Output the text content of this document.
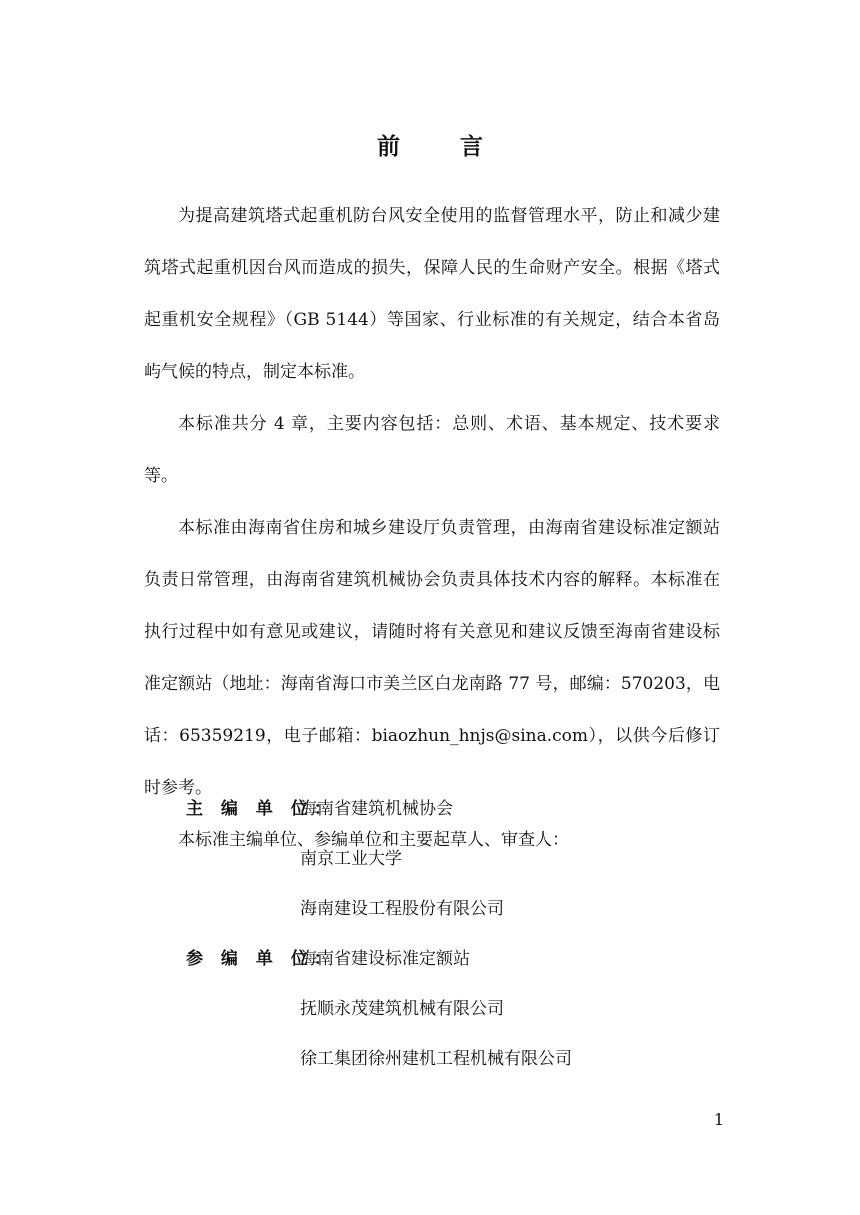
前 言

为提高建筑塔式起重机防台风安全使用的监督管理水平，防止和减少建筑塔式起重机因台风而造成的损失，保障人民的生命财产安全。根据《塔式起重机安全规程》（GB 5144）等国家、行业标准的有关规定，结合本省岛屿气候的特点，制定本标准。

本标准共分 4 章，主要内容包括：总则、术语、基本规定、技术要求等。

本标准由海南省住房和城乡建设厅负责管理，由海南省建设标准定额站负责日常管理，由海南省建筑机械协会负责具体技术内容的解释。本标准在执行过程中如有意见或建议，请随时将有关意见和建议反馈至海南省建设标准定额站（地址：海南省海口市美兰区白龙南路 77 号，邮编：570203，电话：65359219，电子邮箱：biaozhun_hnjs@sina.com），以供今后修订时参考。

本标准主编单位、参编单位和主要起草人、审查人：

主 编 单 位：
海南省建筑机械协会
南京工业大学
海南建设工程股份有限公司
参 编 单 位：
海南省建设标准定额站
抚顺永茂建筑机械有限公司
徐工集团徐州建机工程机械有限公司
1
